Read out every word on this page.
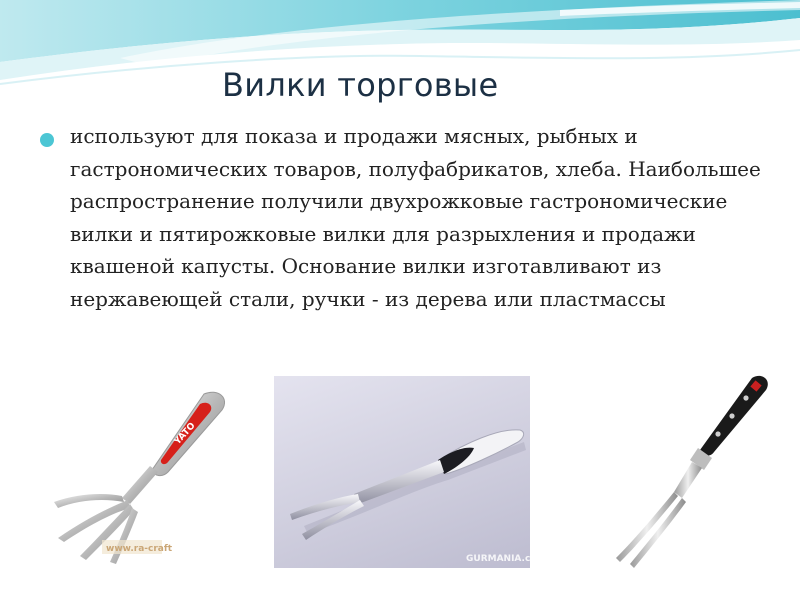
Вилки торговые
используют для показа и продажи мясных, рыбных и гастрономических товаров, полуфабрикатов, хлеба. Наибольшее распространение получили двухрожковые гастрономические вилки и пятирожковые вилки для разрыхления и продажи квашеной капусты. Основание вилки изготавливают из нержавеющей стали, ручки - из дерева или пластмассы
YATO
www.ra-craft
GURMANIA.com
